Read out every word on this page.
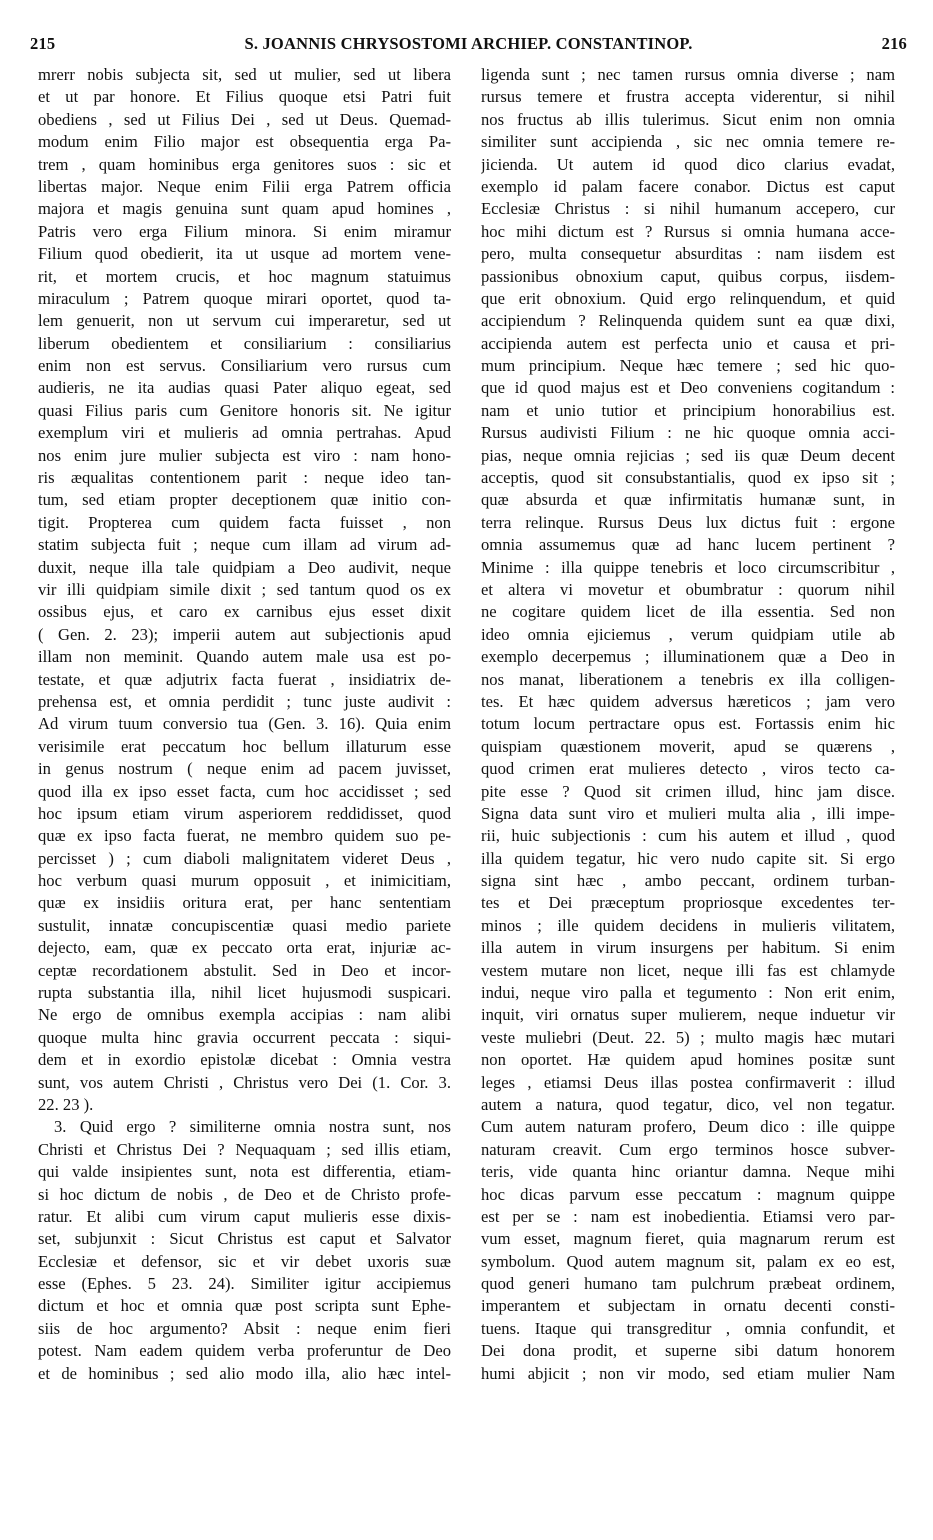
215	S. JOANNIS CHRYSOSTOMI ARCHIEP. CONSTANTINOP.	216
mrerr nobis subjecta sit, sed ut mulier, sed ut libera
et ut par honore. Et Filius quoque etsi Patri fuit
obediens , sed ut Filius Dei , sed ut Deus. Quemad-
modum enim Filio major est obsequentia erga Pa-
trem , quam hominibus erga genitores suos : sic et
libertas major. Neque enim Filii erga Patrem officia
majora et magis genuina sunt quam apud homines ,
Patris vero erga Filium minora. Si enim miramur
Filium quod obedierit, ita ut usque ad mortem vene-
rit, et mortem crucis, et hoc magnum statuimus
miraculum ; Patrem quoque mirari oportet, quod ta-
lem genuerit, non ut servum cui imperaretur, sed ut
liberum obedientem et consiliarium : consiliarius
enim non est servus. Consiliarium vero rursus cum
audieris, ne ita audias quasi Pater aliquo egeat, sed
quasi Filius paris cum Genitore honoris sit. Ne igitur
exemplum viri et mulieris ad omnia pertrahas. Apud
nos enim jure mulier subjecta est viro : nam hono-
ris æqualitas contentionem parit : neque ideo tan-
tum, sed etiam propter deceptionem quæ initio con-
tigit. Propterea cum quidem facta fuisset , non
statim subjecta fuit ; neque cum illam ad virum ad-
duxit, neque illa tale quidpiam a Deo audivit, neque
vir illi quidpiam simile dixit ; sed tantum quod os ex
ossibus ejus, et caro ex carnibus ejus esset dixit
( Gen. 2. 23); imperii autem aut subjectionis apud
illam non meminit. Quando autem male usa est po-
testate, et quæ adjutrix facta fuerat , insidiatrix de-
prehensa est, et omnia perdidit ; tunc juste audivit :
Ad virum tuum conversio tua (Gen. 3. 16). Quia enim
verisimile erat peccatum hoc bellum illaturum esse
in genus nostrum ( neque enim ad pacem juvisset,
quod illa ex ipso esset facta, cum hoc accidisset ; sed
hoc ipsum etiam virum asperiorem reddidisset, quod
quæ ex ipso facta fuerat, ne membro quidem suo pe-
percisset ) ; cum diaboli malignitatem videret Deus ,
hoc verbum quasi murum opposuit , et inimicitiam,
quæ ex insidiis oritura erat, per hanc sententiam
sustulit, innatæ concupiscentiæ quasi medio pariete
dejecto, eam, quæ ex peccato orta erat, injuriæ ac-
ceptæ recordationem abstulit. Sed in Deo et incor-
rupta substantia illa, nihil licet hujusmodi suspicari.
Ne ergo de omnibus exempla accipias : nam alibi
quoque multa hinc gravia occurrent peccata : siqui-
dem et in exordio epistolæ dicebat : Omnia vestra
sunt, vos autem Christi , Christus vero Dei (1. Cor. 3.
22. 23 ).
3. Quid ergo ? similiterne omnia nostra sunt, nos
Christi et Christus Dei ? Nequaquam ; sed illis etiam,
qui valde insipientes sunt, nota est differentia, etiam-
si hoc dictum de nobis , de Deo et de Christo profe-
ratur. Et alibi cum virum caput mulieris esse dixis-
set, subjunxit : Sicut Christus est caput et Salvator
Ecclesiæ et defensor, sic et vir debet uxoris suæ
esse (Ephes. 5 23. 24). Similiter igitur accipiemus
dictum et hoc et omnia quæ post scripta sunt Ephe-
siis de hoc argumento? Absit : neque enim fieri
potest. Nam eadem quidem verba proferuntur de Deo
et de hominibus ; sed alio modo illa, alio hæc intel-
ligenda sunt ; nec tamen rursus omnia diverse ; nam
rursus temere et frustra accepta viderentur, si nihil
nos fructus ab illis tulerimus. Sicut enim non omnia
similiter sunt accipienda , sic nec omnia temere re-
jicienda. Ut autem id quod dico clarius evadat,
exemplo id palam facere conabor. Dictus est caput
Ecclesiæ Christus : si nihil humanum accepero, cur
hoc mihi dictum est ? Rursus si omnia humana acce-
pero, multa consequetur absurditas : nam iisdem est
passionibus obnoxium caput, quibus corpus, iisdem-
que erit obnoxium. Quid ergo relinquendum, et quid
accipiendum ? Relinquenda quidem sunt ea quæ dixi,
accipienda autem est perfecta unio et causa et pri-
mum principium. Neque hæc temere ; sed hic quo-
que id quod majus est et Deo conveniens cogitandum :
nam et unio tutior et principium honorabilius est.
Rursus audivisti Filium : ne hic quoque omnia acci-
pias, neque omnia rejicias ; sed iis quæ Deum decent
acceptis, quod sit consubstantialis, quod ex ipso sit ;
quæ absurda et quæ infirmitatis humanæ sunt, in
terra relinque. Rursus Deus lux dictus fuit : ergone
omnia assumemus quæ ad hanc lucem pertinent ?
Minime : illa quippe tenebris et loco circumscribitur ,
et altera vi movetur et obumbratur : quorum nihil
ne cogitare quidem licet de illa essentia. Sed non
ideo omnia ejiciemus , verum quidpiam utile ab
exemplo decerpemus ; illuminationem quæ a Deo in
nos manat, liberationem a tenebris ex illa colligen-
tes. Et hæc quidem adversus hæreticos ; jam vero
totum locum pertractare opus est. Fortassis enim hic
quispiam quæstionem moverit, apud se quærens ,
quod crimen erat mulieres detecto , viros tecto ca-
pite esse ? Quod sit crimen illud, hinc jam disce.
Signa data sunt viro et mulieri multa alia , illi impe-
rii, huic subjectionis : cum his autem et illud , quod
illa quidem tegatur, hic vero nudo capite sit. Si ergo
signa sint hæc , ambo peccant, ordinem turban-
tes et Dei præceptum propriosque excedentes ter-
minos ; ille quidem decidens in mulieris vilitatem,
illa autem in virum insurgens per habitum. Si enim
vestem mutare non licet, neque illi fas est chlamyde
indui, neque viro palla et tegumento : Non erit enim,
inquit, viri ornatus super mulierem, neque induetur vir
veste muliebri (Deut. 22. 5) ; multo magis hæc mutari
non oportet. Hæ quidem apud homines positæ sunt
leges , etiamsi Deus illas postea confirmaverit : illud
autem a natura, quod tegatur, dico, vel non tegatur.
Cum autem naturam profero, Deum dico : ille quippe
naturam creavit. Cum ergo terminos hosce subver-
teris, vide quanta hinc oriantur damna. Neque mihi
hoc dicas parvum esse peccatum : magnum quippe
est per se : nam est inobedientia. Etiamsi vero par-
vum esset, magnum fieret, quia magnarum rerum est
symbolum. Quod autem magnum sit, palam ex eo est,
quod generi humano tam pulchrum præbeat ordinem,
imperantem et subjectam in ornatu decenti consti-
tuens. Itaque qui transgreditur , omnia confundit, et
Dei dona prodit, et superne sibi datum honorem
humi abjicit ; non vir modo, sed etiam mulier Nam
